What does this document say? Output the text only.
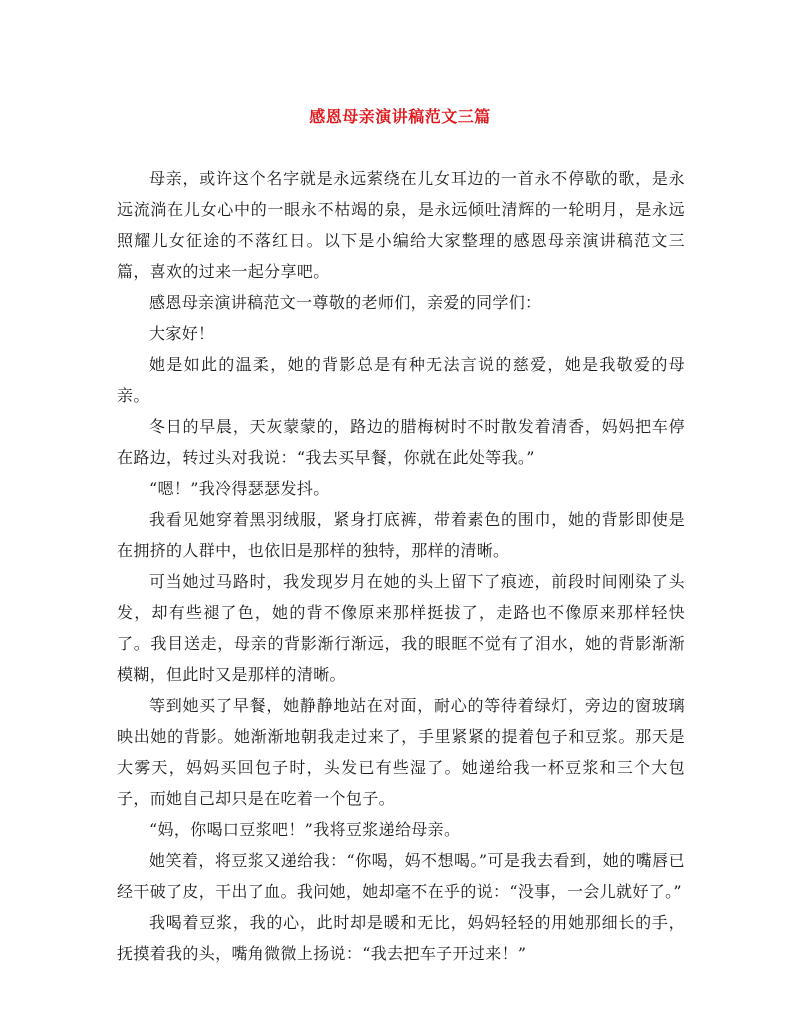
感恩母亲演讲稿范文三篇

母亲，或许这个名字就是永远萦绕在儿女耳边的一首永不停歇的歌，是永远流淌在儿女心中的一眼永不枯竭的泉，是永远倾吐清辉的一轮明月，是永远照耀儿女征途的不落红日。以下是小编给大家整理的感恩母亲演讲稿范文三篇，喜欢的过来一起分享吧。

感恩母亲演讲稿范文一尊敬的老师们，亲爱的同学们：

大家好！

她是如此的温柔，她的背影总是有种无法言说的慈爱，她是我敬爱的母亲。

冬日的早晨，天灰蒙蒙的，路边的腊梅树时不时散发着清香，妈妈把车停在路边，转过头对我说：“我去买早餐，你就在此处等我。”

“嗯！”我冷得瑟瑟发抖。

我看见她穿着黑羽绒服，紧身打底裤，带着素色的围巾，她的背影即使是在拥挤的人群中，也依旧是那样的独特，那样的清晰。

可当她过马路时，我发现岁月在她的头上留下了痕迹，前段时间刚染了头发，却有些褪了色，她的背不像原来那样挺拔了，走路也不像原来那样轻快了。我目送走，母亲的背影渐行渐远，我的眼眶不觉有了泪水，她的背影渐渐模糊，但此时又是那样的清晰。

等到她买了早餐，她静静地站在对面，耐心的等待着绿灯，旁边的窗玻璃映出她的背影。她渐渐地朝我走过来了，手里紧紧的提着包子和豆浆。那天是大雾天，妈妈买回包子时，头发已有些湿了。她递给我一杯豆浆和三个大包子，而她自己却只是在吃着一个包子。

“妈，你喝口豆浆吧！”我将豆浆递给母亲。

她笑着，将豆浆又递给我：“你喝，妈不想喝。”可是我去看到，她的嘴唇已经干破了皮，干出了血。我问她，她却毫不在乎的说：“没事，一会儿就好了。”

我喝着豆浆，我的心，此时却是暖和无比，妈妈轻轻的用她那细长的手，抚摸着我的头，嘴角微微上扬说：“我去把车子开过来！”
